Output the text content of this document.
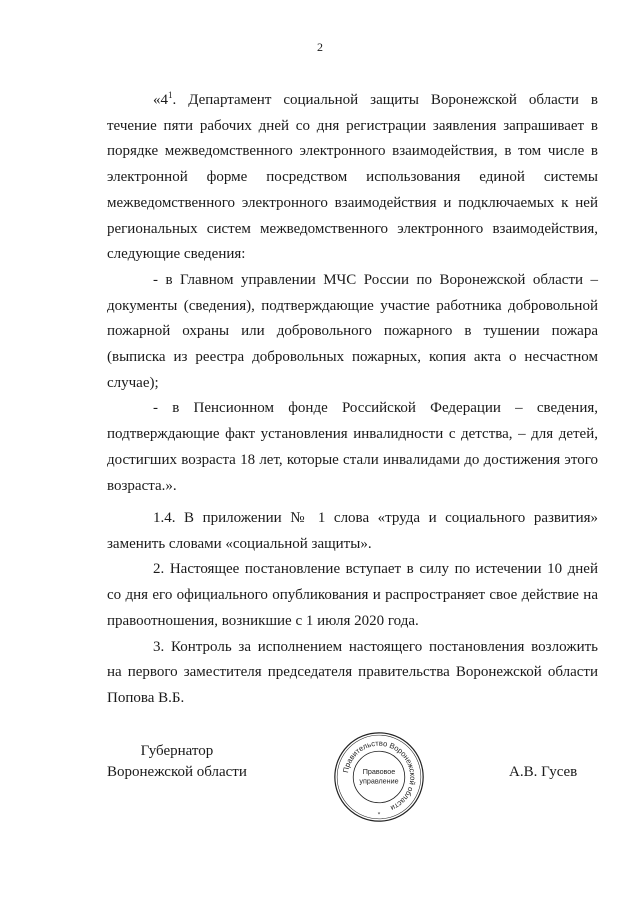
2

«$4^1$. Департамент социальной защиты Воронежской области в течение пяти рабочих дней со дня регистрации заявления запрашивает в порядке межведомственного электронного взаимодействия, в том числе в электронной форме посредством использования единой системы межведомственного электронного взаимодействия и подключаемых к ней региональных систем межведомственного электронного взаимодействия, следующие сведения:

- в Главном управлении МЧС России по Воронежской области – документы (сведения), подтверждающие участие работника добровольной пожарной охраны или добровольного пожарного в тушении пожара (выписка из реестра добровольных пожарных, копия акта о несчастном случае);

- в Пенсионном фонде Российской Федерации – сведения, подтверждающие факт установления инвалидности с детства, – для детей, достигших возраста 18 лет, которые стали инвалидами до достижения этого возраста.».

1.4. В приложении № 1 слова «труда и социального развития» заменить словами «социальной защиты».

2. Настоящее постановление вступает в силу по истечении 10 дней со дня его официального опубликования и распространяет свое действие на правоотношения, возникшие с 1 июля 2020 года.

3. Контроль за исполнением настоящего постановления возложить на первого заместителя председателя правительства Воронежской области Попова В.Б.

Губернатор
Воронежской области	Правительство Воронежской области
Правовое
управление
*
А.В. Гусев
